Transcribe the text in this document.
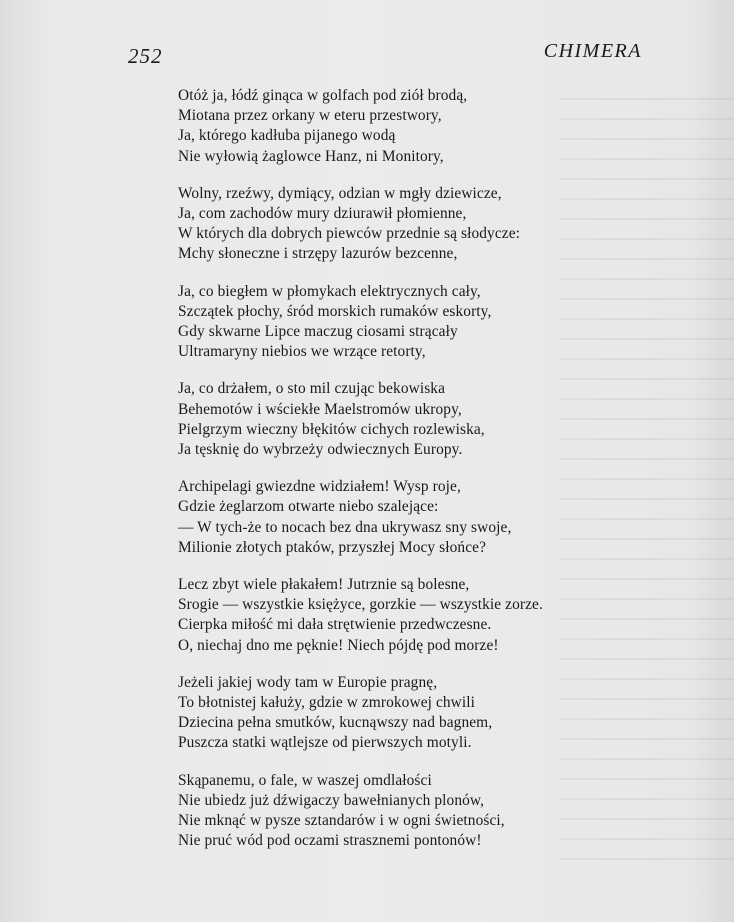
252	CHIMERA
Otóż ja, łódź ginąca w golfach pod ziół brodą,
Miotana przez orkany w eteru przestwory,
Ja, którego kadłuba pijanego wodą
Nie wyłowią żaglowce Hanz, ni Monitory,
Wolny, rzeźwy, dymiący, odzian w mgły dziewicze,
Ja, com zachodów mury dziurawił płomienne,
W których dla dobrych piewców przednie są słodycze:
Mchy słoneczne i strzępy lazurów bezcenne,
Ja, co biegłem w płomykach elektrycznych cały,
Szczątek płochy, śród morskich rumaków eskorty,
Gdy skwarne Lipce maczug ciosami strącały
Ultramaryny niebios we wrzące retorty,
Ja, co drżałem, o sto mil czując bekowiska
Behemotów i wściekłe Maelstromów ukropy,
Pielgrzym wieczny błękitów cichych rozlewiska,
Ja tęsknię do wybrzeży odwiecznych Europy.
Archipelagi gwiezdne widziałem! Wysp roje,
Gdzie żeglarzom otwarte niebo szalejące:
— W tych-że to nocach bez dna ukrywasz sny swoje,
Milionie złotych ptaków, przyszłej Mocy słońce?
Lecz zbyt wiele płakałem! Jutrznie są bolesne,
Srogie — wszystkie księżyce, gorzkie — wszystkie zorze.
Cierpka miłość mi dała strętwienie przedwczesne.
O, niechaj dno me pęknie! Niech pójdę pod morze!
Jeżeli jakiej wody tam w Europie pragnę,
To błotnistej kałuży, gdzie w zmrokowej chwili
Dziecina pełna smutków, kucnąwszy nad bagnem,
Puszcza statki wątlejsze od pierwszych motyli.
Skąpanemu, o fale, w waszej omdlałości
Nie ubiedz już dźwigaczy bawełnianych plonów,
Nie mknąć w pysze sztandarów i w ogni świetności,
Nie pruć wód pod oczami strasznemi pontonów!
